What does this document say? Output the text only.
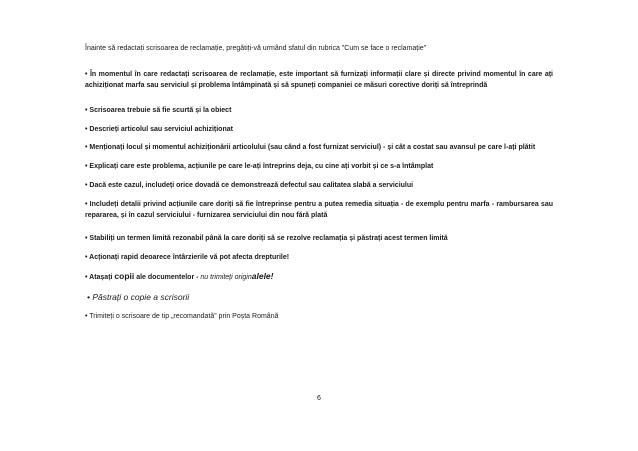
Înainte să redactați scrisoarea de reclamație, pregătiți-vă urmând sfatul din rubrica "Cum se face o reclamație"

• În momentul în care redactați scrisoarea de reclamație, este important să furnizați informații clare și directe privind momentul în care ați achiziționat marfa sau serviciul și problema întâmpinată și să spuneți companiei ce măsuri corective doriți să întreprindă

• Scrisoarea trebuie să fie scurtă și la obiect

• Descrieți articolul sau serviciul achiziționat

• Menționați locul și momentul achiziționării articolului (sau când a fost furnizat serviciul) - și cât a costat sau avansul pe care l-ați plătit

• Explicați care este problema, acțiunile pe care le-ați întreprins deja, cu cine ați vorbit și ce s-a întâmplat

• Dacă este cazul, includeți orice dovadă ce demonstrează defectul sau calitatea slabă a serviciului

• Includeți detalii privind acțiunile care doriți să fie întreprinse pentru a putea remedia situația - de exemplu pentru marfa - rambursarea sau repararea, și în cazul serviciului - furnizarea serviciului din nou fără plată

• Stabiliți un termen limită rezonabil până la care doriți să se rezolve reclamația și păstrați acest termen limită

• Acționați rapid deoarece întârzierile vă pot afecta drepturile!

• Atașați copii ale documentelor - nu trimiteți originalele!

• Păstrați o copie a scrisorii

• Trimiteți o scrisoare de tip „recomandată” prin Poșta Română

6
